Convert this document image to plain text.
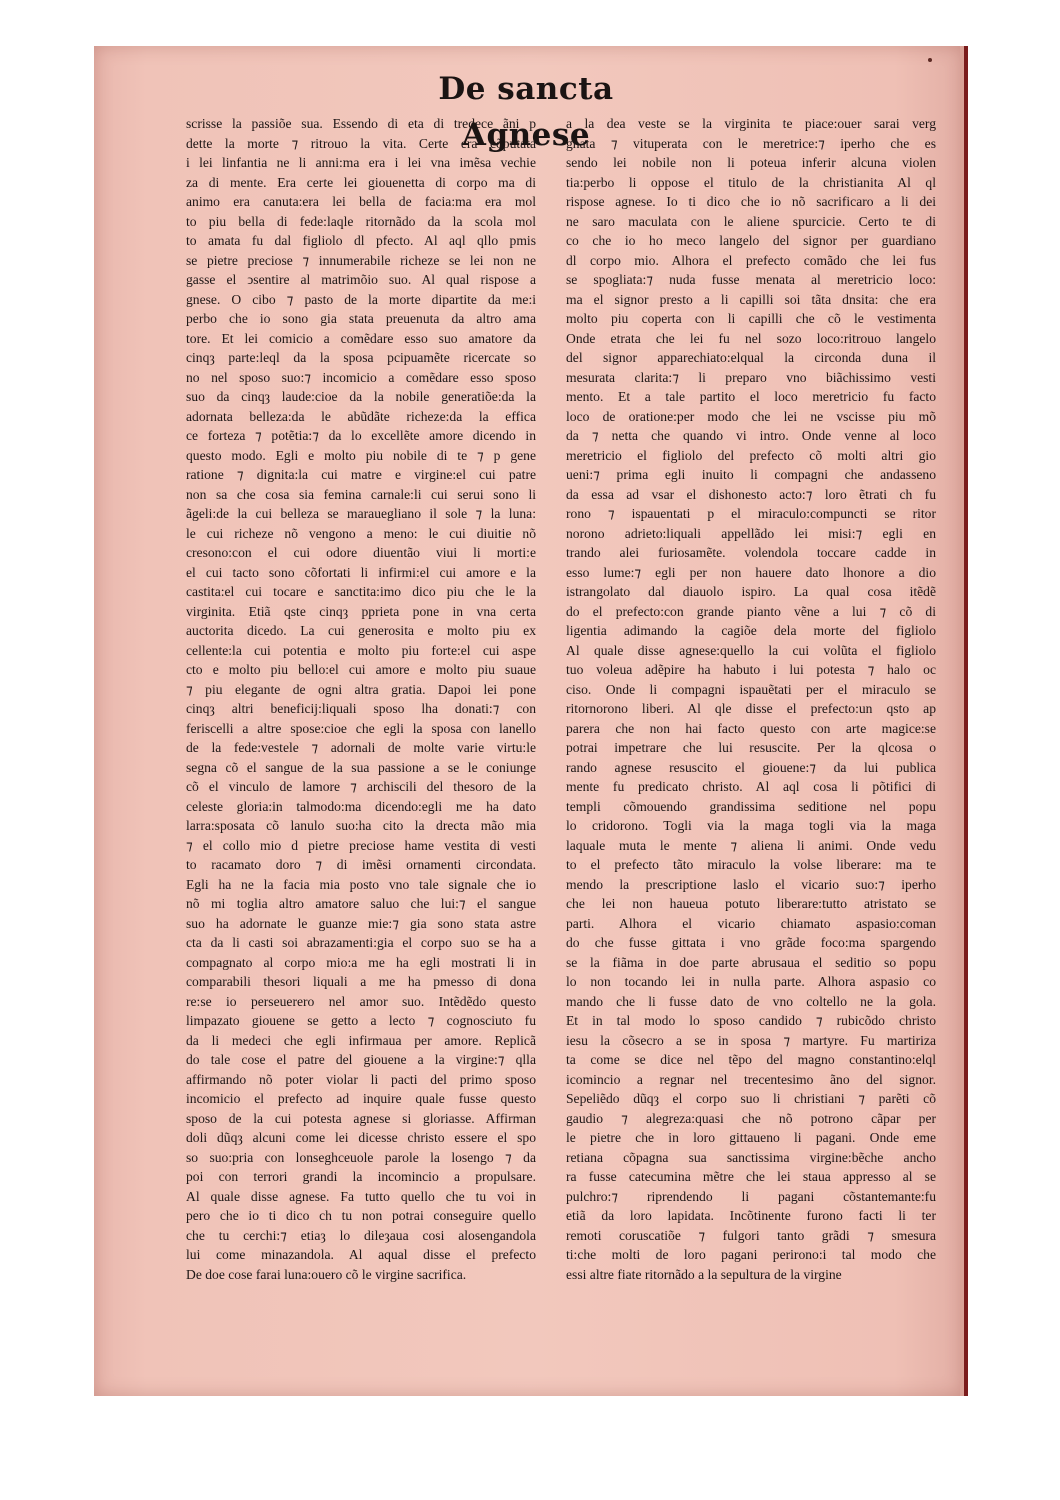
De sancta Agnese
scrisse la passiõe sua. Essendo di eta di tredece ãni p
dette la morte ⁊ ritrouo la vita. Certe era cõputata
i lei linfantia ne li anni:ma era i lei vna imẽsa vechie
za di mente. Era certe lei giouenetta di corpo ma di
animo era canuta:era lei bella de facia:ma era mol
to piu bella di fede:laqle ritornãdo da la scola mol
to amata fu dal figliolo dl pfecto. Al aql qllo pmis
se pietre preciose ⁊ innumerabile richeze se lei non ne
gasse el ↄsentire al matrimõio suo. Al qual rispose a
gnese. O cibo ⁊ pasto de la morte dipartite da me:i
perbo che io sono gia stata preuenuta da altro ama
tore. Et lei comicio a comẽdare esso suo amatore da
cinqȝ parte:leql da la sposa pcipuamẽte ricercate so
no nel sposo suo:⁊ incomicio a comẽdare esso sposo
suo da cinqȝ laude:cioe da la nobile generatiõe:da la
adornata belleza:da le abũdãte richeze:da la effica
ce forteza ⁊ potẽtia:⁊ da lo excellẽte amore dicendo in
questo modo. Egli e molto piu nobile di te ⁊ p gene
ratione ⁊ dignita:la cui matre e virgine:el cui patre
non sa che cosa sia femina carnale:li cui serui sono li
ãgeli:de la cui belleza se marauegliano il sole ⁊ la luna:
le cui richeze nõ vengono a meno: le cui diuitie nõ
cresono:con el cui odore diuentão viui li morti:e
el cui tacto sono cõfortati li infirmi:el cui amore e la
castita:el cui tocare e sanctita:imo dico piu che le la
virginita. Etiã qste cinqȝ pprieta pone in vna certa
auctorita dicedo. La cui generosita e molto piu ex
cellente:la cui potentia e molto piu forte:el cui aspe
cto e molto piu bello:el cui amore e molto piu suaue
⁊ piu elegante de ogni altra gratia. Dapoi lei pone
cinqȝ altri beneficij:liquali sposo lha donati:⁊ con
feriscelli a altre spose:cioe che egli la sposa con lanello
de la fede:vestele ⁊ adornali de molte varie virtu:le
segna cõ el sangue de la sua passione a se le coniunge
cõ el vinculo de lamore ⁊ archiscili del thesoro de la
celeste gloria:in talmodo:ma dicendo:egli me ha dato
larra:sposata cõ lanulo suo:ha cito la drecta mão mia
⁊ el collo mio d pietre preciose hame vestita di vesti
to racamato doro ⁊ di imẽsi ornamenti circondata.
Egli ha ne la facia mia posto vno tale signale che io
nõ mi toglia altro amatore saluo che lui:⁊ el sangue
suo ha adornate le guanze mie:⁊ gia sono stata astre
cta da li casti soi abrazamenti:gia el corpo suo se ha a
compagnato al corpo mio:a me ha egli mostrati li in
comparabili thesori liquali a me ha pmesso di dona
re:se io perseuerero nel amor suo. Intẽdẽdo questo
limpazato giouene se getto a lecto ⁊ cognosciuto fu
da li medeci che egli infirmaua per amore. Replicã
do tale cose el patre del giouene a la virgine:⁊ qlla
affirmando nõ poter violar li pacti del primo sposo
incomicio el prefecto ad inquire quale fusse questo
sposo de la cui potesta agnese si gloriasse. Affirman
doli dũqȝ alcuni come lei dicesse christo essere el spo
so suo:pria con lonseghceuole parole la losengo ⁊ da
poi con terrori grandi la incomincio a propulsare.
Al quale disse agnese. Fa tutto quello che tu voi in
pero che io ti dico ch tu non potrai conseguire quello
che tu cerchi:⁊ etiaȝ lo dileȝaua cosi alosengandola
lui come minazandola. Al aqual disse el prefecto
De doe cose farai luna:ouero cõ le virgine sacrifica.
a la dea veste se la virginita te piace:ouer sarai verg
gnata ⁊ vituperata con le meretrice:⁊ iperho che es
sendo lei nobile non li poteua inferir alcuna violen
tia:perbo li oppose el titulo de la christianita Al ql
rispose agnese. Io ti dico che io nõ sacrificaro a li dei
ne saro maculata con le aliene spurcicie. Certo te di
co che io ho meco langelo del signor per guardiano
dl corpo mio. Alhora el prefecto comãdo che lei fus
se spogliata:⁊ nuda fusse menata al meretricio loco:
ma el signor presto a li capilli soi tãta dnsita: che era
molto piu coperta con li capilli che cõ le vestimenta
Onde etrata che lei fu nel sozo loco:ritrouo langelo
del signor apparechiato:elqual la circonda duna il
mesurata clarita:⁊ li preparo vno biãchissimo vesti
mento. Et a tale partito el loco meretricio fu facto
loco de oratione:per modo che lei ne vscisse piu mõ
da ⁊ netta che quando vi intro. Onde venne al loco
meretricio el figliolo del prefecto cõ molti altri gio
ueni:⁊ prima egli inuito li compagni che andasseno
da essa ad vsar el dishonesto acto:⁊ loro ẽtrati ch fu
rono ⁊ ispauentati p el miraculo:compuncti se ritor
norono adrieto:liquali appellãdo lei misi:⁊ egli en
trando alei furiosamẽte. volendola toccare cadde in
esso lume:⁊ egli per non hauere dato lhonore a dio
istrangolato dal diauolo ispiro. La qual cosa itẽdẽ
do el prefecto:con grande pianto vẽne a lui ⁊ cõ di
ligentia adimando la cagiõe dela morte del figliolo
Al quale disse agnese:quello la cui volũta el figliolo
tuo voleua adẽpire ha habuto i lui potesta ⁊ halo oc
ciso. Onde li compagni ispauẽtati per el miraculo se
ritornorono liberi. Al qle disse el prefecto:un qsto ap
parera che non hai facto questo con arte magice:se
potrai impetrare che lui resuscite. Per la qlcosa o
rando agnese resuscito el giouene:⁊ da lui publica
mente fu predicato christo. Al aql cosa li põtifici di
templi cõmouendo grandissima seditione nel popu
lo cridorono. Togli via la maga togli via la maga
laquale muta le mente ⁊ aliena li animi. Onde vedu
to el prefecto tãto miraculo la volse liberare: ma te
mendo la prescriptione laslo el vicario suo:⁊ iperho
che lei non haueua potuto liberare:tutto atristato se
parti. Alhora el vicario chiamato aspasio:coman
do che fusse gittata i vno grãde foco:ma spargendo
se la fiãma in doe parte abrusaua el seditio so popu
lo non tocando lei in nulla parte. Alhora aspasio co
mando che li fusse dato de vno coltello ne la gola.
Et in tal modo lo sposo candido ⁊ rubicõdo christo
iesu la cõsecro a se in sposa ⁊ martyre. Fu martiriza
ta come se dice nel tẽpo del magno constantino:elql
icomincio a regnar nel trecentesimo ãno del signor.
Sepeliẽdo dũqȝ el corpo suo li christiani ⁊ parẽti cõ
gaudio ⁊ alegreza:quasi che nõ potrono cãpar per
le pietre che in loro gittaueno li pagani. Onde eme
retiana cõpagna sua sanctissima virgine:bẽche ancho
ra fusse catecumina mẽtre che lei staua appresso al se
pulchro:⁊ riprendendo li pagani cõstantemante:fu
etiã da loro lapidata. Incõtinente furono facti li ter
remoti coruscatiõe ⁊ fulgori tanto grãdi ⁊ smesura
ti:che molti de loro pagani perirono:i tal modo che
essi altre fiate ritornãdo a la sepultura de la virgine
